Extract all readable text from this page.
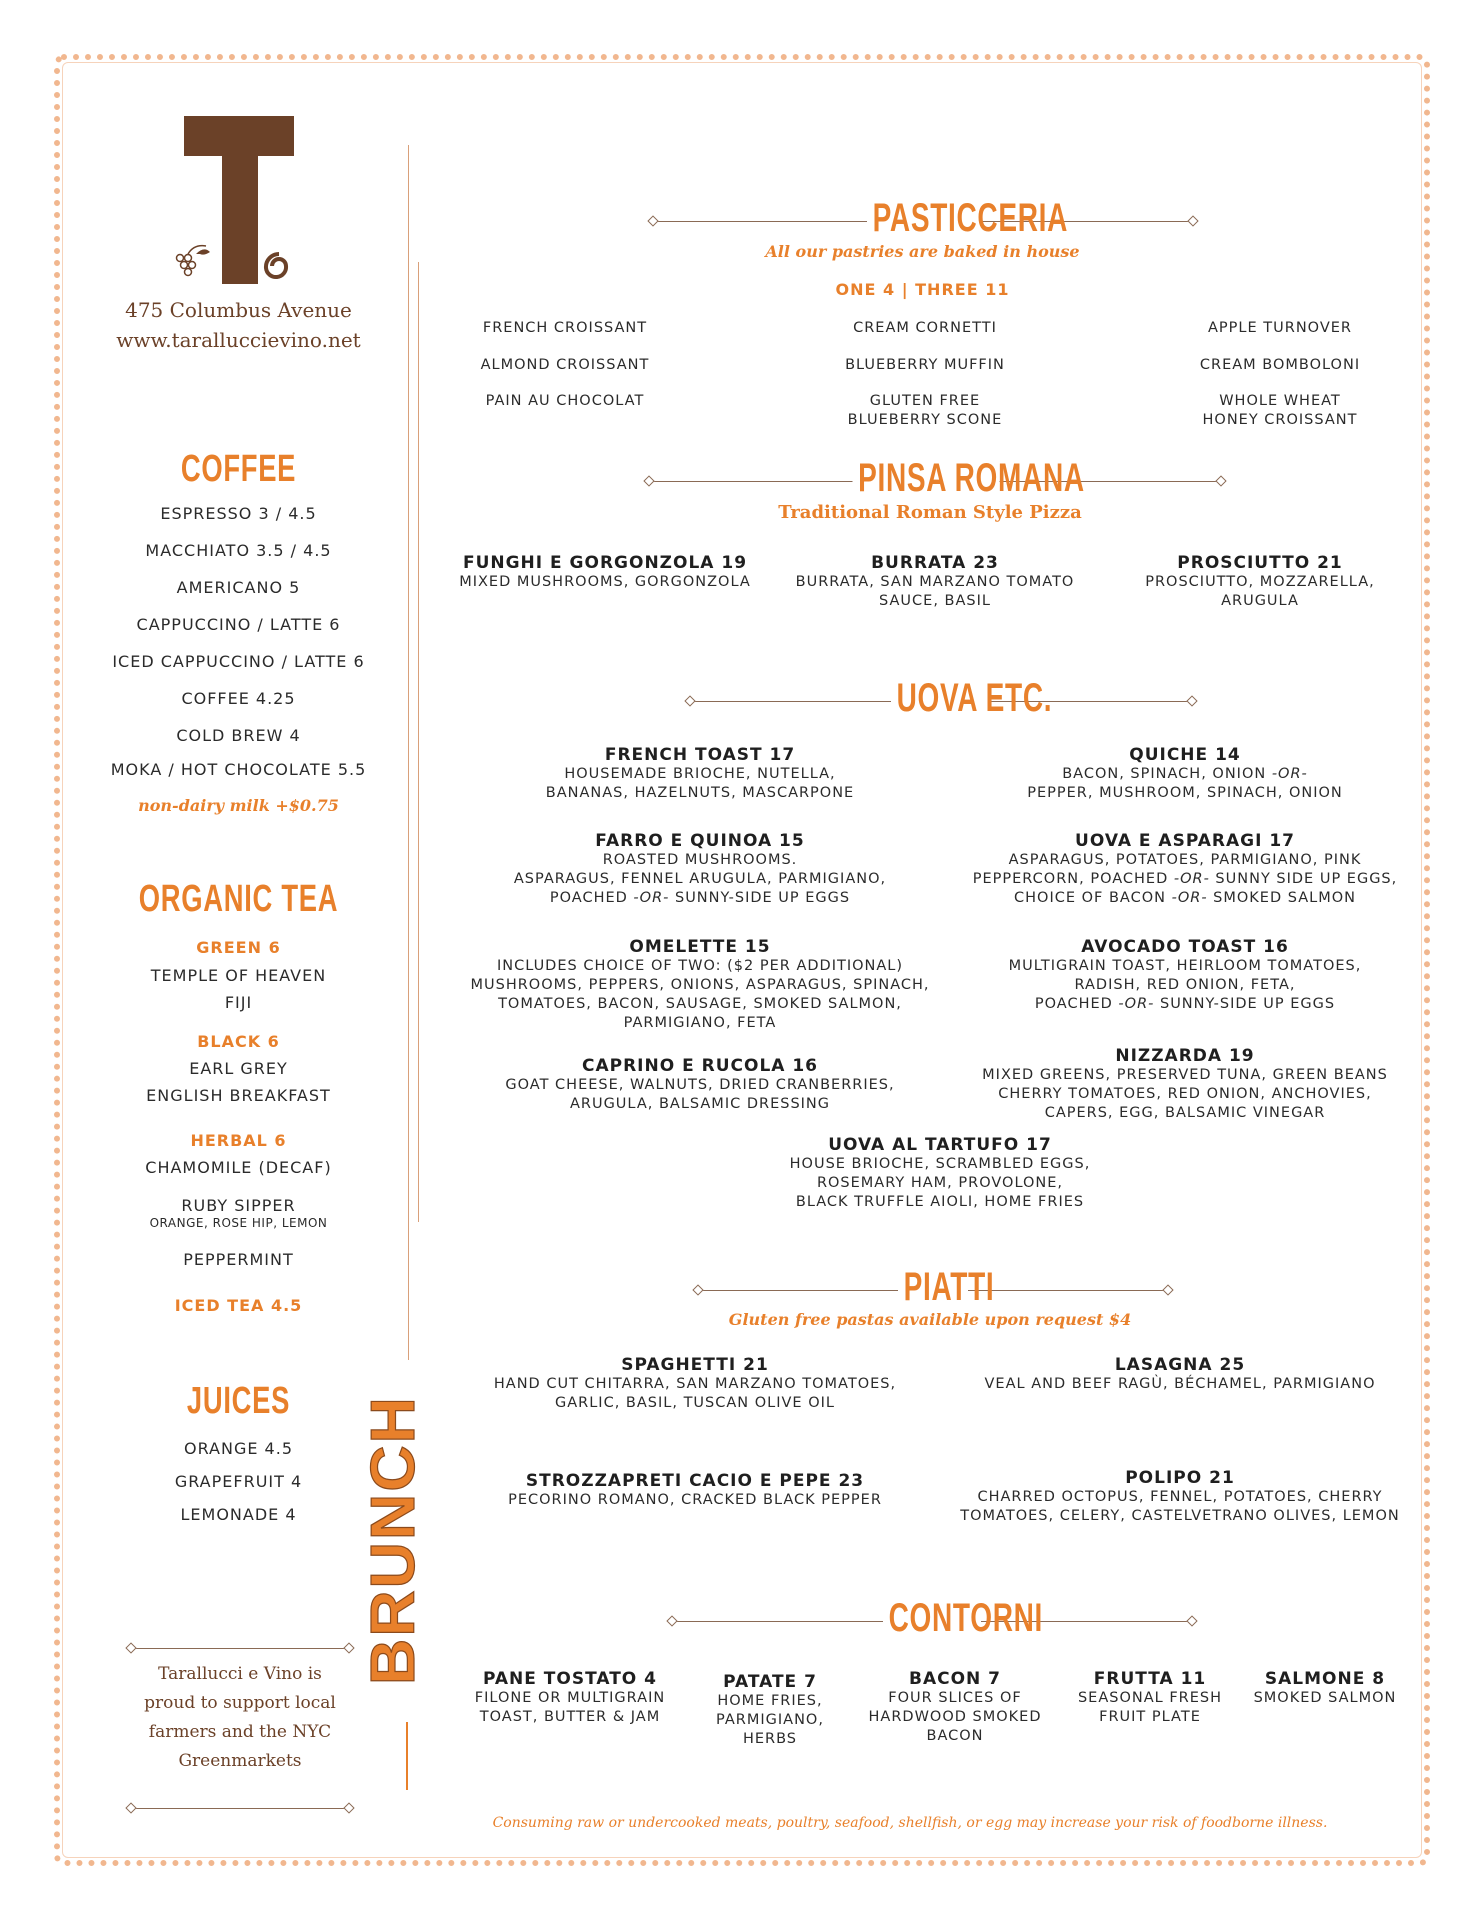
475 Columbus Avenue
www.taralluccievino.net
COFFEE
ESPRESSO 3 / 4.5
MACCHIATO 3.5 / 4.5
AMERICANO 5
CAPPUCCINO / LATTE 6
ICED CAPPUCCINO / LATTE 6
COFFEE 4.25
COLD BREW 4
MOKA / HOT CHOCOLATE 5.5
non-dairy milk +$0.75
ORGANIC TEA
GREEN 6
TEMPLE OF HEAVEN
FIJI
BLACK 6
EARL GREY
ENGLISH BREAKFAST
HERBAL 6
CHAMOMILE (DECAF)
RUBY SIPPER
ORANGE, ROSE HIP, LEMON
PEPPERMINT
ICED TEA 4.5
JUICES
ORANGE 4.5
GRAPEFRUIT 4
LEMONADE 4
Tarallucci e Vino is
proud to support local
farmers and the NYC
Greenmarkets
BRUNCH
PASTICCERIA
All our pastries are baked in house
ONE 4 | THREE 11
FRENCH CROISSANT
ALMOND CROISSANT
PAIN AU CHOCOLAT
CREAM CORNETTI
BLUEBERRY MUFFIN
GLUTEN FREE
BLUEBERRY SCONE
APPLE TURNOVER
CREAM BOMBOLONI
WHOLE WHEAT
HONEY CROISSANT
PINSA ROMANA
Traditional Roman Style Pizza
FUNGHI E GORGONZOLA 19
MIXED MUSHROOMS, GORGONZOLA
BURRATA 23
BURRATA, SAN MARZANO TOMATO
SAUCE, BASIL
PROSCIUTTO 21
PROSCIUTTO, MOZZARELLA,
ARUGULA
UOVA ETC.
FRENCH TOAST 17
HOUSEMADE BRIOCHE, NUTELLA,
BANANAS, HAZELNUTS, MASCARPONE
QUICHE 14
BACON, SPINACH, ONION -OR-
PEPPER, MUSHROOM, SPINACH, ONION
FARRO E QUINOA 15
ROASTED MUSHROOMS.
ASPARAGUS, FENNEL ARUGULA, PARMIGIANO,
POACHED -OR- SUNNY-SIDE UP EGGS
UOVA E ASPARAGI 17
ASPARAGUS, POTATOES, PARMIGIANO, PINK
PEPPERCORN, POACHED -OR- SUNNY SIDE UP EGGS,
CHOICE OF BACON -OR- SMOKED SALMON
OMELETTE 15
INCLUDES CHOICE OF TWO: ($2 PER ADDITIONAL)
MUSHROOMS, PEPPERS, ONIONS, ASPARAGUS, SPINACH,
TOMATOES, BACON, SAUSAGE, SMOKED SALMON,
PARMIGIANO, FETA
AVOCADO TOAST 16
MULTIGRAIN TOAST, HEIRLOOM TOMATOES,
RADISH, RED ONION, FETA,
POACHED -OR- SUNNY-SIDE UP EGGS
CAPRINO E RUCOLA 16
GOAT CHEESE, WALNUTS, DRIED CRANBERRIES,
ARUGULA, BALSAMIC DRESSING
NIZZARDA 19
MIXED GREENS, PRESERVED TUNA, GREEN BEANS
CHERRY TOMATOES, RED ONION, ANCHOVIES,
CAPERS, EGG, BALSAMIC VINEGAR
UOVA AL TARTUFO 17
HOUSE BRIOCHE, SCRAMBLED EGGS,
ROSEMARY HAM, PROVOLONE,
BLACK TRUFFLE AIOLI, HOME FRIES
PIATTI
Gluten free pastas available upon request $4
SPAGHETTI 21
HAND CUT CHITARRA, SAN MARZANO TOMATOES,
GARLIC, BASIL, TUSCAN OLIVE OIL
LASAGNA 25
VEAL AND BEEF RAGÙ, BÉCHAMEL, PARMIGIANO
STROZZAPRETI CACIO E PEPE 23
PECORINO ROMANO, CRACKED BLACK PEPPER
POLIPO 21
CHARRED OCTOPUS, FENNEL, POTATOES, CHERRY
TOMATOES, CELERY, CASTELVETRANO OLIVES, LEMON
CONTORNI
PANE TOSTATO 4
FILONE OR MULTIGRAIN
TOAST, BUTTER & JAM
PATATE 7
HOME FRIES,
PARMIGIANO,
HERBS
BACON 7
FOUR SLICES OF
HARDWOOD SMOKED
BACON
FRUTTA 11
SEASONAL FRESH
FRUIT PLATE
SALMONE 8
SMOKED SALMON
Consuming raw or undercooked meats, poultry, seafood, shellfish, or egg may increase your risk of foodborne illness.
